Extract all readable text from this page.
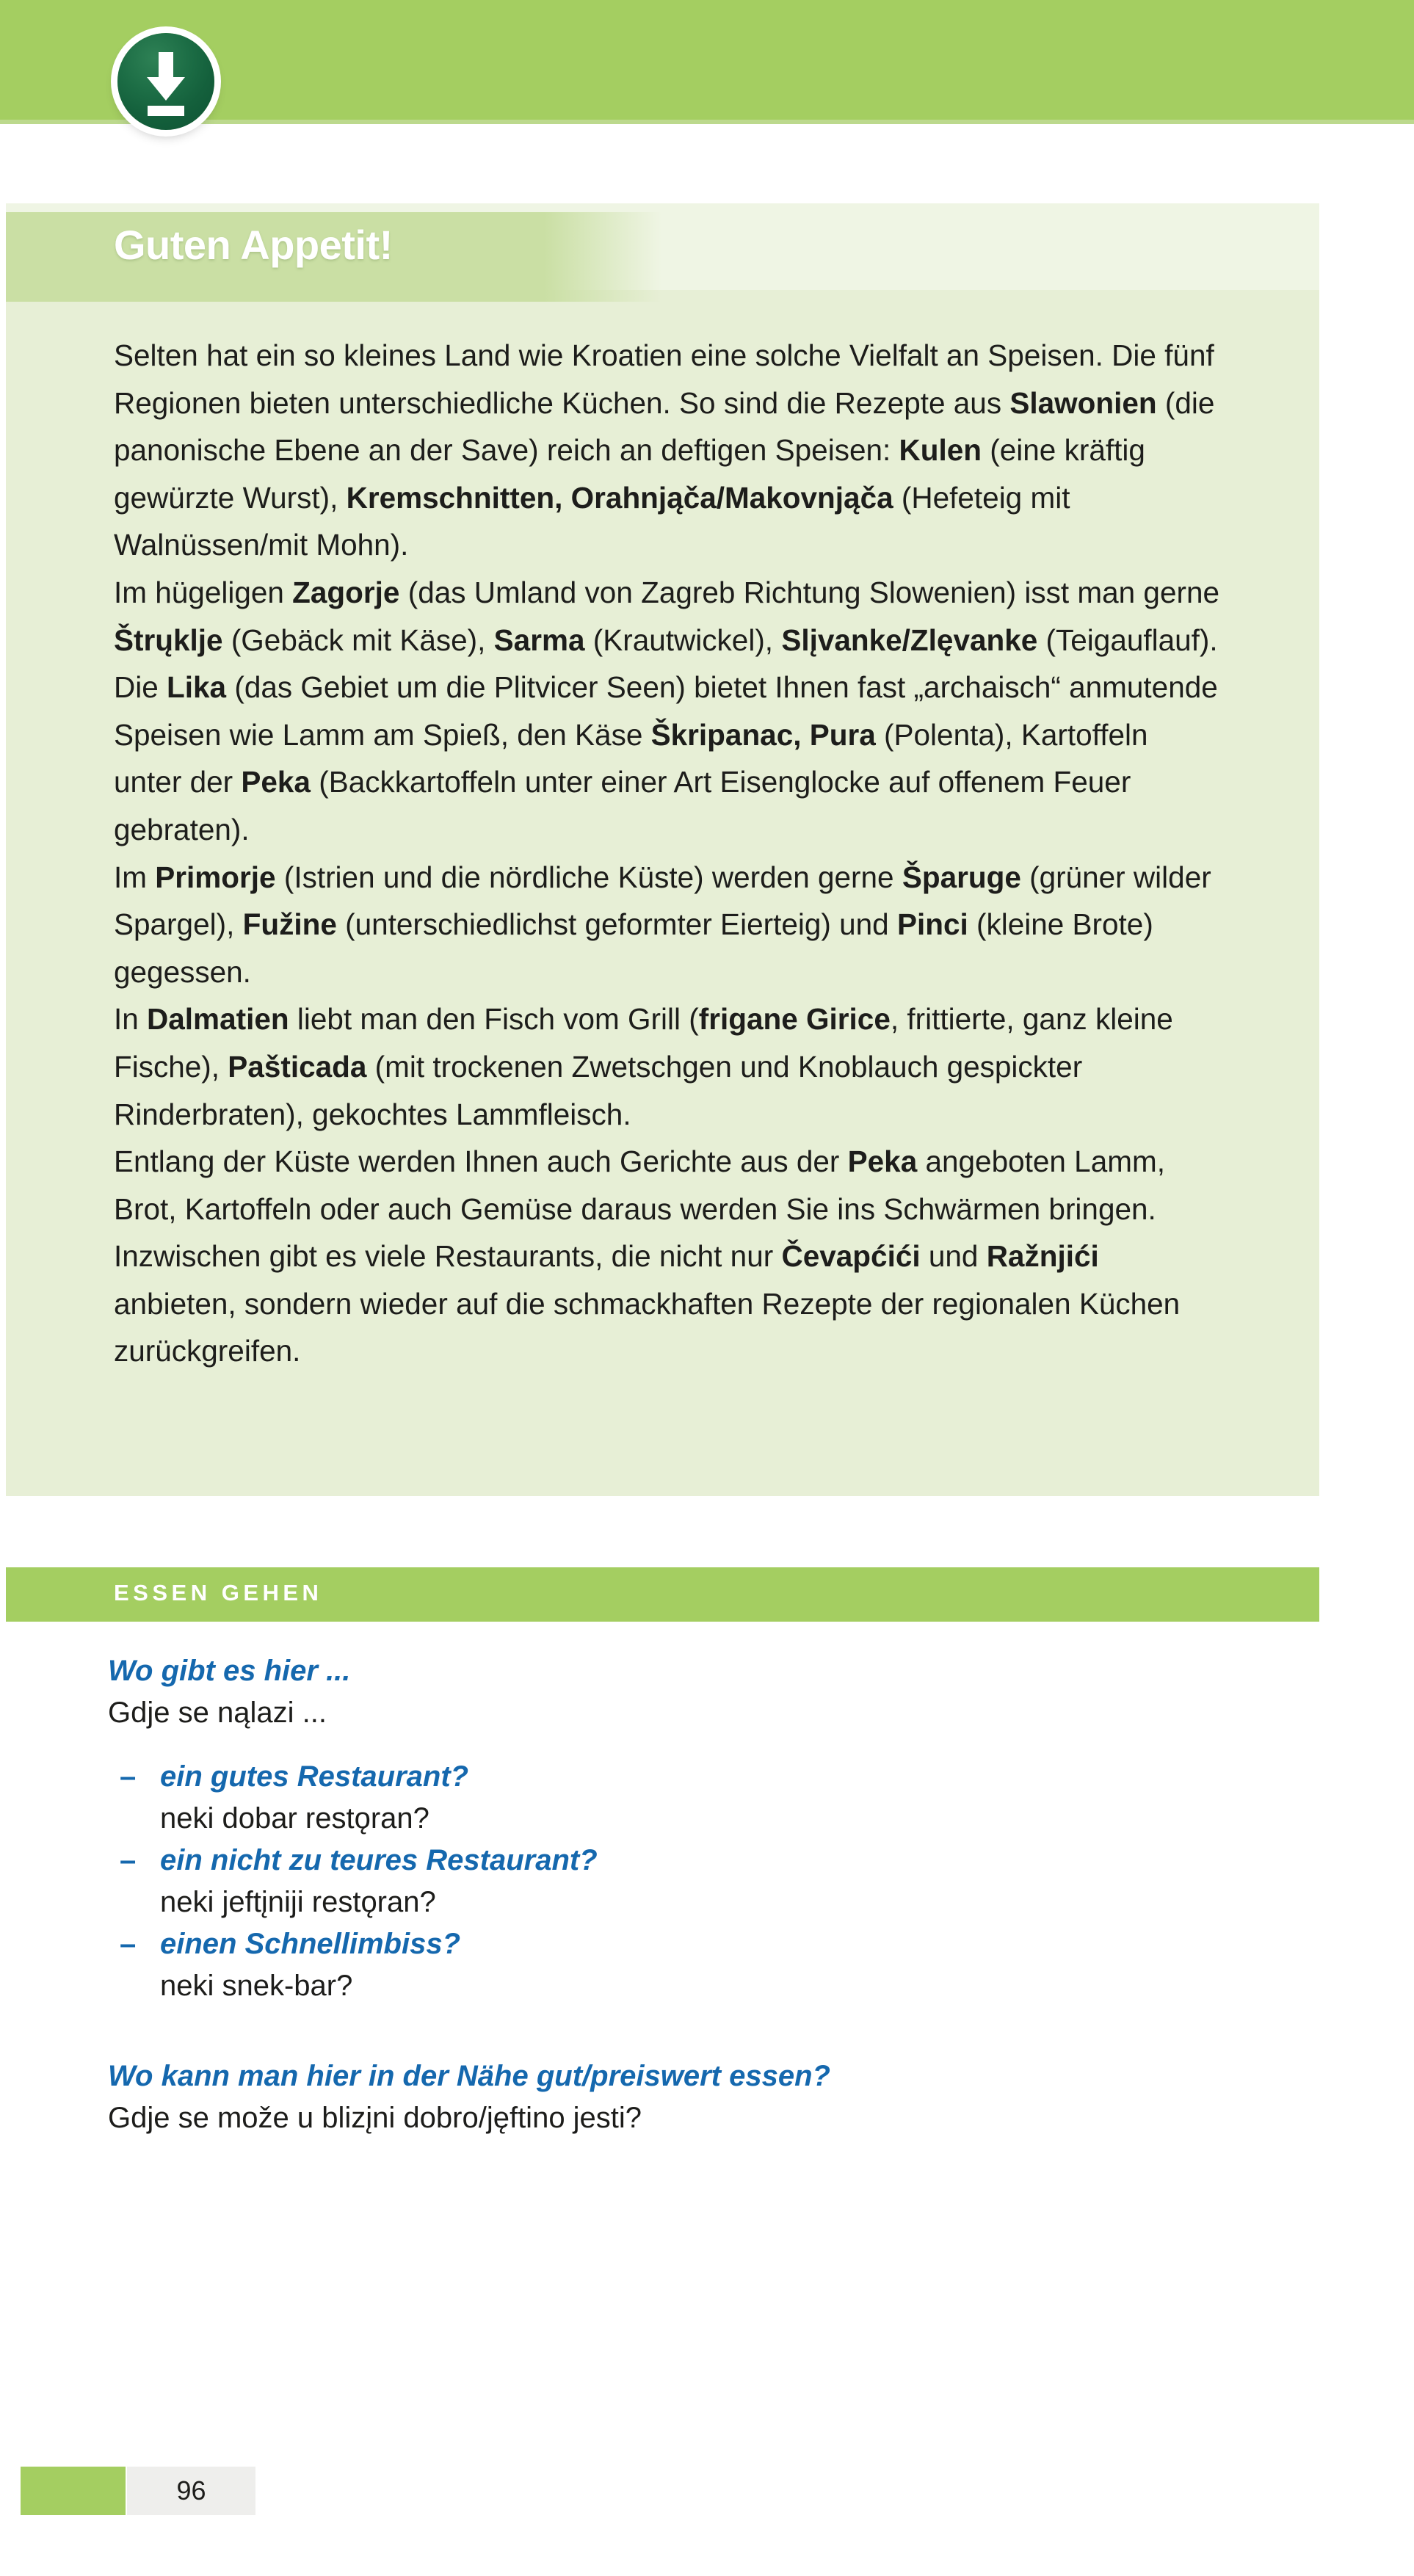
Guten Appetit!
Selten hat ein so kleines Land wie Kroatien eine solche Vielfalt an Speisen. Die fünf Regionen bieten unterschiedliche Küchen. So sind die Rezepte aus Slawonien (die panonische Ebene an der Save) reich an deftigen Speisen: Kulen (eine kräftig gewürzte Wurst), Kremschnitten, Orahnjąča/Makovnjąča (Hefeteig mit Walnüssen/mit Mohn).
Im hügeligen Zagorje (das Umland von Zagreb Richtung Slowenien) isst man gerne Štrųklje (Gebäck mit Käse), Sarma (Krautwickel), Slįvanke/Zlęvanke (Teigauflauf).
Die Lika (das Gebiet um die Plitvicer Seen) bietet Ihnen fast „archaisch“ anmutende Speisen wie Lamm am Spieß, den Käse Škripanac, Pura (Polenta), Kartoffeln unter der Peka (Backkartoffeln unter einer Art Eisenglocke auf offenem Feuer gebraten).
Im Primorje (Istrien und die nördliche Küste) werden gerne Šparuge (grüner wilder Spargel), Fužine (unterschiedlichst geformter Eierteig) und Pinci (kleine Brote) gegessen.
In Dalmatien liebt man den Fisch vom Grill (frigane Girice, frittierte, ganz kleine Fische), Pašticada (mit trockenen Zwetschgen und Knoblauch gespickter Rinderbraten), gekochtes Lammfleisch.
Entlang der Küste werden Ihnen auch Gerichte aus der Peka angeboten Lamm, Brot, Kartoffeln oder auch Gemüse daraus werden Sie ins Schwärmen bringen.
Inzwischen gibt es viele Restaurants, die nicht nur Čevapćići und Ražnjići anbieten, sondern wieder auf die schmackhaften Rezepte der regionalen Küchen zurückgreifen.
ESSEN GEHEN
Wo gibt es hier ...
Gdje se nąlazi ...
– ein gutes Restaurant?
neki dobar restǫran?
– ein nicht zu teures Restaurant?
neki jeftįniji restǫran?
– einen Schnellimbiss?
neki snek-bar?
Wo kann man hier in der Nähe gut/preiswert essen?
Gdje se može u blizįni dobro/jęftino jesti?
96
